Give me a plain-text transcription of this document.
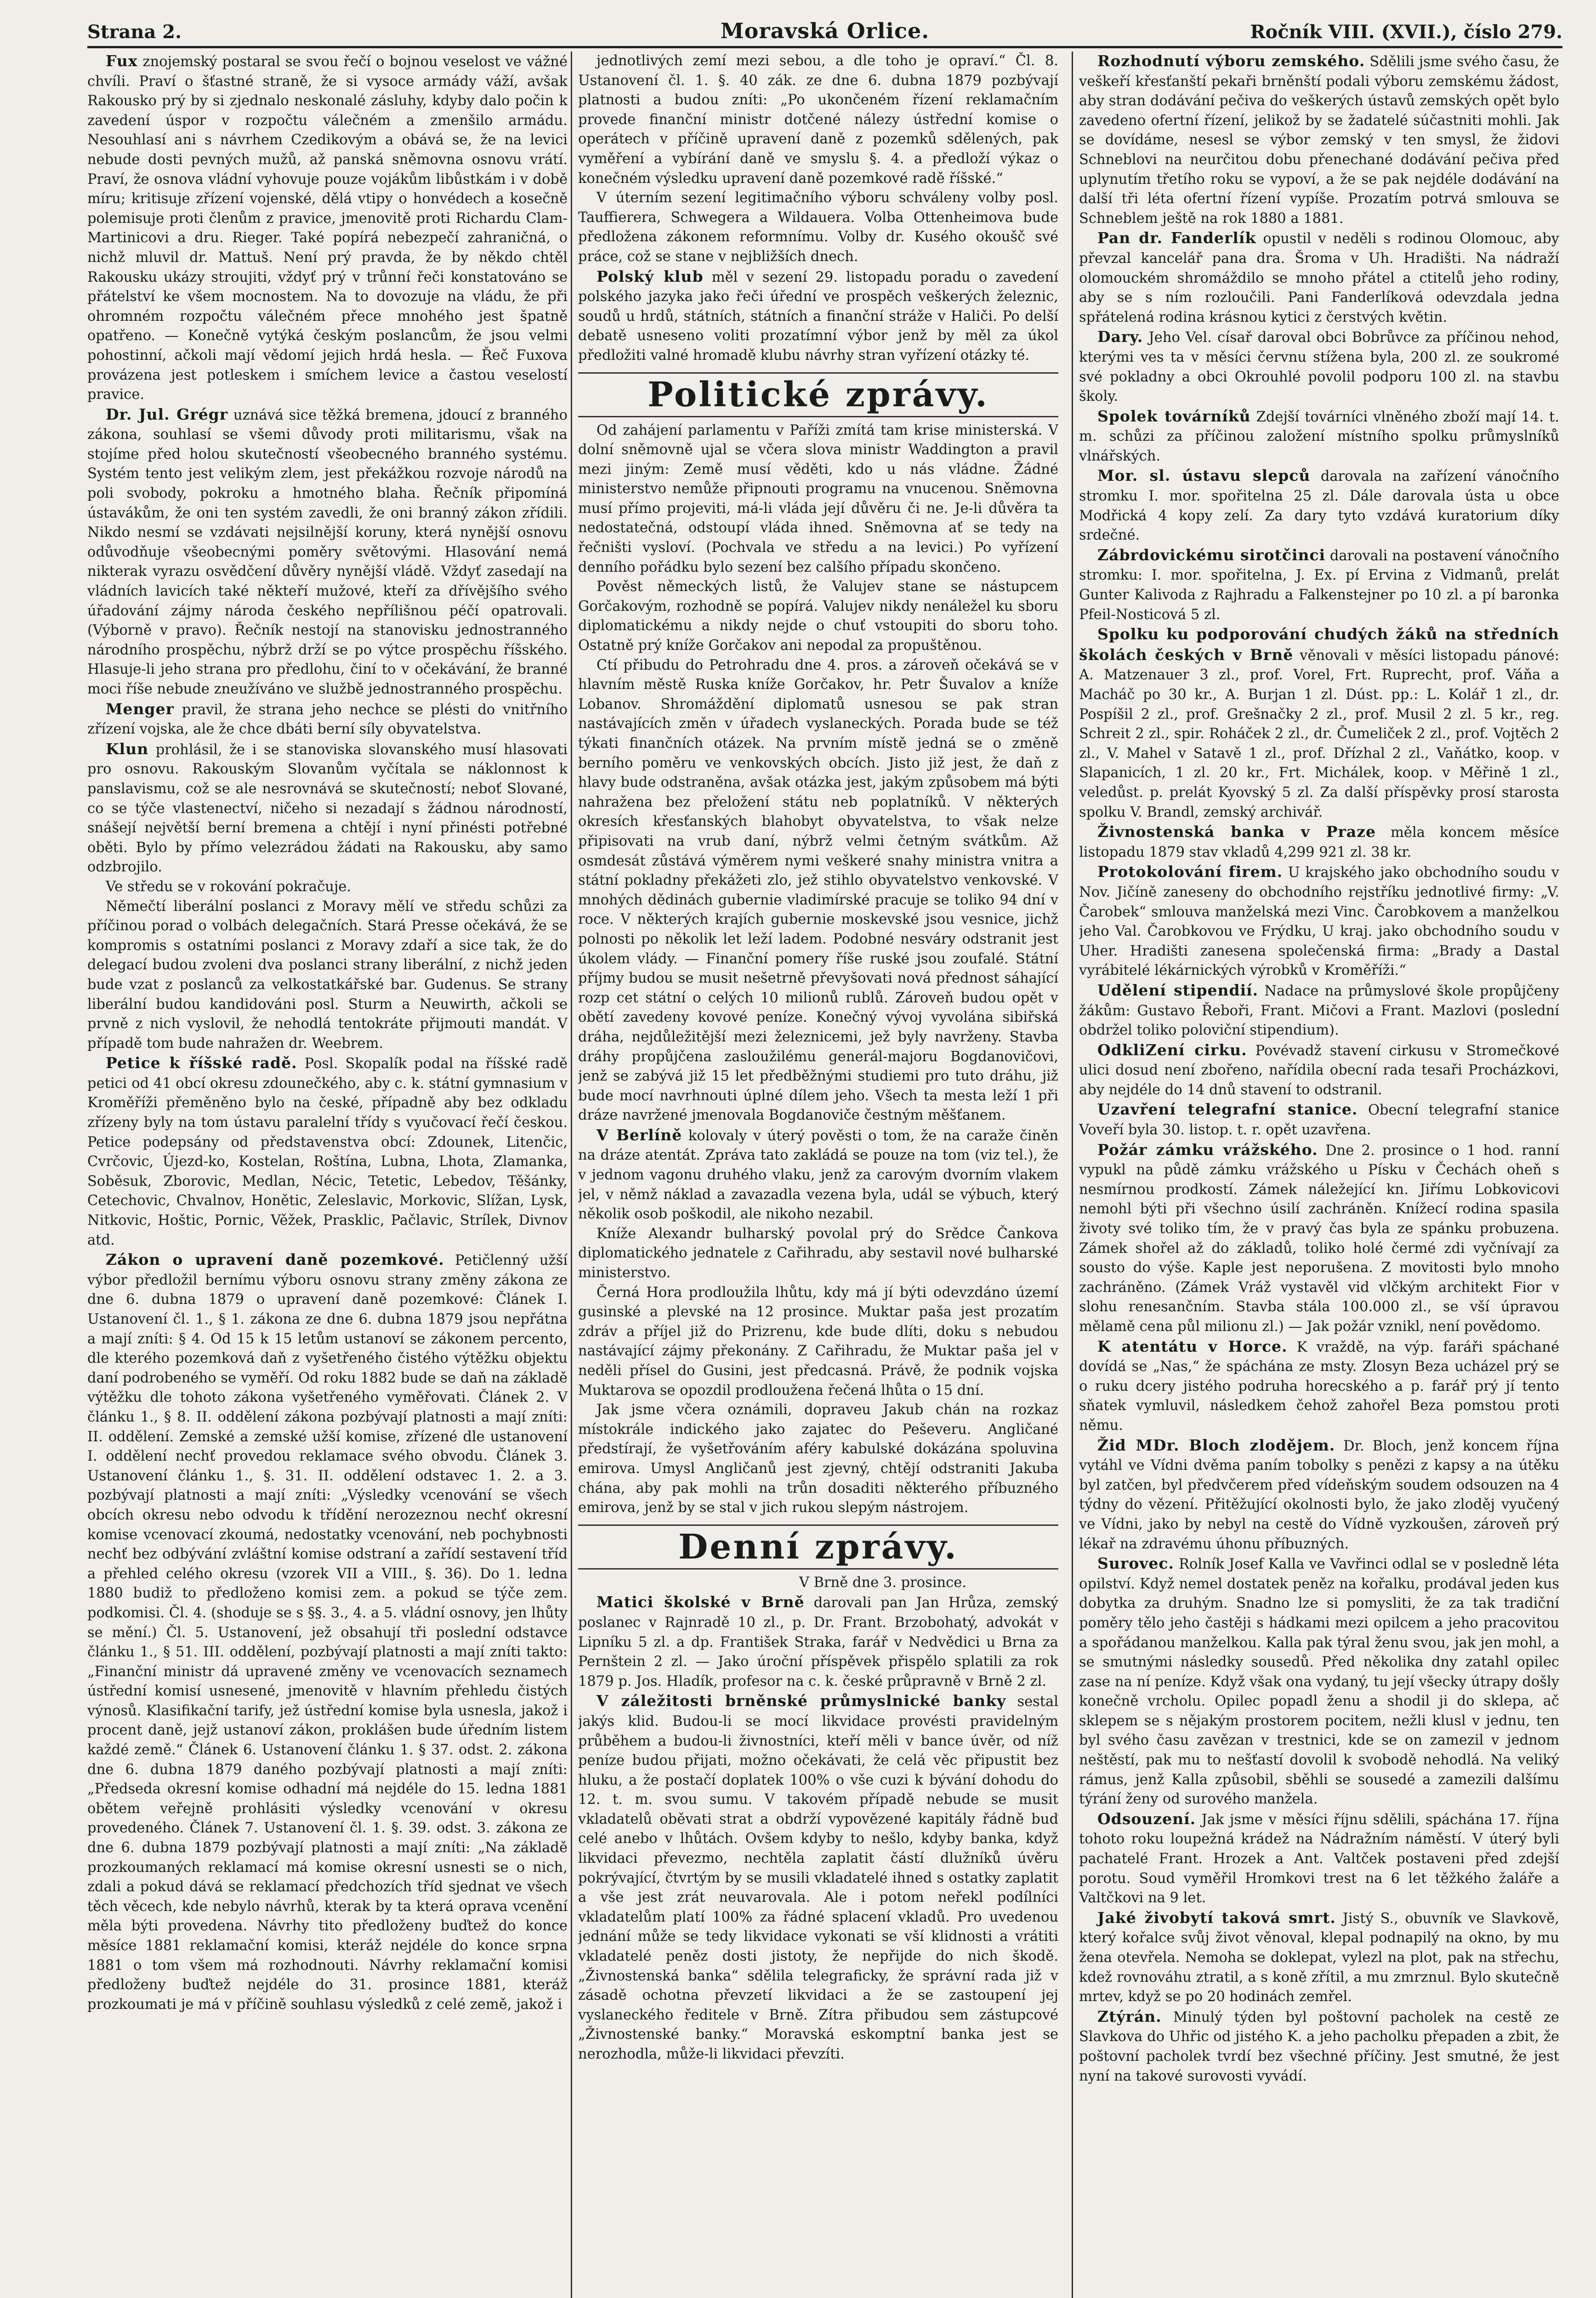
Strana 2.	Moravská Orlice.	Ročník VIII. (XVII.), číslo 279.

Fux znojemský postaral se svou řečí o bojnou veselost ve vážné chvíli. Praví o šťastné straně, že si vysoce armády váží, avšak Rakousko prý by si zjednalo neskonalé zásluhy, kdyby dalo počin k zavedení úspor v rozpočtu válečném a zmenšilo armádu. Nesouhlasí ani s návrhem Czedikovým a obává se, že na levici nebude dosti pevných mužů, až panská sněmovna osnovu vrátí. Praví, že osnova vládní vyhovuje pouze vojákům libůstkám i v době míru; kritisuje zřízení vojenské, dělá vtipy o honvédech a kosečně polemisuje proti členům z pravice, jmenovitě proti Richardu Clam-Martinicovi a dru. Rieger. Také popírá nebezpečí zahraničná, o nichž mluvil dr. Mattuš. Není prý pravda, že by někdo chtěl Rakousku ukázy stroujiti, vždyť prý v trůnní řeči konstatováno se přátelství ke všem mocnostem. Na to dovozuje na vládu, že při ohromném rozpočtu válečném přece mnohého jest špatně opatřeno. — Konečně vytýká českým poslancům, že jsou velmi pohostinní, ačkoli mají vědomí jejich hrdá hesla. — Řeč Fuxova provázena jest potleskem i smíchem levice a častou veselostí pravice.

Dr. Jul. Grégr uznává sice těžká bremena, jdoucí z branného zákona, souhlasí se všemi důvody proti militarismu, však na stojíme před holou skutečností všeobecného branného systému. Systém tento jest velikým zlem, jest překážkou rozvoje národů na poli svobody, pokroku a hmotného blaha. Řečník připomíná ústavákům, že oni ten systém zavedli, že oni branný zákon zřídili. Nikdo nesmí se vzdávati nejsilnější koruny, která nynější osnovu odůvodňuje všeobecnými poměry světovými. Hlasování nemá nikterak vyrazu osvědčení důvěry nynější vládě. Vždyť zasedají na vládních lavicích také někteří mužové, kteří za dřívějšího svého úřadování zájmy národa českého nepřílišnou péčí opatrovali. (Výborně v pravo). Řečník nestojí na stanovisku jednostranného národního prospěchu, nýbrž drží se po výtce prospěchu říšského. Hlasuje-li jeho strana pro předlohu, činí to v očekávání, že branné moci říše nebude zneužíváno ve službě jednostranného prospěchu.

Menger pravil, že strana jeho nechce se plésti do vnitřního zřízení vojska, ale že chce dbáti berní síly obyvatelstva.

Klun prohlásil, že i se stanoviska slovanského musí hlasovati pro osnovu. Rakouským Slovanům vyčítala se náklonnost k panslavismu, což se ale nesrovnává se skutečností; neboť Slované, co se týče vlastenectví, ničeho si nezadají s žádnou národností, snášejí největší berní bremena a chtějí i nyní přinésti potřebné oběti. Bylo by přímo velezrádou žádati na Rakousku, aby samo odzbrojilo.

Ve středu se v rokování pokračuje.

Němečtí liberální poslanci z Moravy mělí ve středu schůzi za příčinou porad o volbách delegačních. Stará Presse očekává, že se kompromis s ostatními poslanci z Moravy zdaří a sice tak, že do delegací budou zvoleni dva poslanci strany liberální, z nichž jeden bude vzat z poslanců za velkostatkářské bar. Gudenus. Se strany liberální budou kandidováni posl. Sturm a Neuwirth, ačkoli se prvně z nich vyslovil, že nehodlá tentokráte přijmouti mandát. V případě tom bude nahražen dr. Weebrem.

Petice k říšské radě. Posl. Skopalík podal na říšské radě petici od 41 obcí okresu zdounečkého, aby c. k. státní gymnasium v Kroměříži přeměněno bylo na české, případně aby bez odkladu zřízeny byly na tom ústavu paralelní třídy s vyučovací řečí českou. Petice podepsány od představenstva obcí: Zdounek, Litenčic, Cvrčovic, Újezd-ko, Kostelan, Roštína, Lubna, Lhota, Zlamanka, Soběsuk, Zborovic, Medlan, Nécic, Tetetic, Lebedov, Těšánky, Cetechovic, Chvalnov, Honětic, Zeleslavic, Morkovic, Slížan, Lysk, Nitkovic, Hoštic, Pornic, Věžek, Prasklic, Pačlavic, Strílek, Divnov atd.

Zákon o upravení daně pozemkové. Petičlenný užší výbor předložil bernímu výboru osnovu strany změny zákona ze dne 6. dubna 1879 o upravení daně pozemkové: Článek I. Ustanovení čl. 1., § 1. zákona ze dne 6. dubna 1879 jsou nepřátna a mají zníti: § 4. Od 15 k 15 letům ustanoví se zákonem percento, dle kterého pozemková daň z vyšetřeného čistého výtěžku objektu daní podrobeného se vyměří. Od roku 1882 bude se daň na základě výtěžku dle tohoto zákona vyšetřeného vyměřovati. Článek 2. V článku 1., § 8. II. oddělení zákona pozbývají platnosti a mají zníti: II. oddělení. Zemské a zemské užší komise, zřízené dle ustanovení I. oddělení nechť provedou reklamace svého obvodu. Článek 3. Ustanovení článku 1., §. 31. II. oddělení odstavec 1. 2. a 3. pozbývají platnosti a mají zníti: „Výsledky vcenování se všech obcích okresu nebo odvodu k třídění nerozeznou nechť okresní komise vcenovací zkoumá, nedostatky vcenování, neb pochybnosti nechť bez odbývání zvláštní komise odstraní a zařídí sestavení tříd a přehled celého okresu (vzorek VII a VIII., §. 36). Do 1. ledna 1880 budiž to předloženo komisi zem. a pokud se týče zem. podkomisi. Čl. 4. (shoduje se s §§. 3., 4. a 5. vládní osnovy, jen lhůty se mění.) Čl. 5. Ustanovení, jež obsahují tři poslední odstavce článku 1., § 51. III. oddělení, pozbývají platnosti a mají zníti takto: „Finanční ministr dá upravené změny ve vcenovacích seznamech ústřední komisí usnesené, jmenovitě v hlavním přehledu čistých výnosů. Klasifikační tarify, jež ústřední komise byla usnesla, jakož i procent daně, jejž ustanoví zákon, proklášen bude úředním listem každé země.“ Článek 6. Ustanovení článku 1. § 37. odst. 2. zákona dne 6. dubna 1879 daného pozbývají platnosti a mají zníti: „Předseda okresní komise odhadní má nejdéle do 15. ledna 1881 obětem veřejně prohlásiti výsledky vcenování v okresu provedeného. Článek 7. Ustanovení čl. 1. §. 39. odst. 3. zákona ze dne 6. dubna 1879 pozbývají platnosti a mají zníti: „Na základě prozkoumaných reklamací má komise okresní usnesti se o nich, zdali a pokud dává se reklamací předchozích tříd sjednat ve všech těch věcech, kde nebylo návrhů, kterak by ta která oprava vcenění měla býti provedena. Návrhy tito předloženy buďtež do konce měsíce 1881 reklamační komisi, kteráž nejdéle do konce srpna 1881 o tom všem má rozhodnouti. Návrhy reklamační komisi předloženy buďtež nejdéle do 31. prosince 1881, kteráž prozkoumati je má v příčině souhlasu výsledků z celé země, jakož i

jednotlivých zemí mezi sebou, a dle toho je opraví.“ Čl. 8. Ustanovení čl. 1. §. 40 zák. ze dne 6. dubna 1879 pozbývají platnosti a budou zníti: „Po ukončeném řízení reklamačním provede finanční ministr dotčené nálezy ústřední komise o operátech v příčině upravení daně z pozemků sdělených, pak vyměření a vybírání daně ve smyslu §. 4. a předloží výkaz o konečném výsledku upravení daně pozemkové radě říšské.“

V úterním sezení legitimačního výboru schváleny volby posl. Tauffierera, Schwegera a Wildauera. Volba Ottenheimova bude předložena zákonem reformnímu. Volby dr. Kusého okoušč své práce, což se stane v nejbližších dnech.

Polský klub měl v sezení 29. listopadu poradu o zavedení polského jazyka jako řeči úřední ve prospěch veškerých železnic, soudů u hrdů, státních, státních a finanční stráže v Haliči. Po delší debatě usneseno voliti prozatímní výbor jenž by měl za úkol předložiti valné hromadě klubu návrhy stran vyřízení otázky té.

Politické zprávy.

Od zahájení parlamentu v Paříži zmítá tam krise ministerská. V dolní sněmovně ujal se včera slova ministr Waddington a pravil mezi jiným: Země musí věděti, kdo u nás vládne. Žádné ministerstvo nemůže připnouti programu na vnucenou. Sněmovna musí přímo projeviti, má-li vláda její důvěru či ne. Je-li důvěra ta nedostatečná, odstoupí vláda ihned. Sněmovna ať se tedy na řečništi vysloví. (Pochvala ve středu a na levici.) Po vyřízení denního pořádku bylo sezení bez calšího případu skončeno.

Pověst německých listů, že Valujev stane se nástupcem Gorčakovým, rozhodně se popírá. Valujev nikdy nenáležel ku sboru diplomatickému a nikdy nejde o chuť vstoupiti do sboru toho. Ostatně prý kníže Gorčakov ani nepodal za propuštěnou.

Ctí přibudu do Petrohradu dne 4. pros. a zároveň očekává se v hlavním městě Ruska kníže Gorčakov, hr. Petr Šuvalov a kníže Lobanov. Shromáždění diplomatů usnesou se pak stran nastávajících změn v úřadech vyslaneckých. Porada bude se též týkati finančních otázek. Na prvním místě jedná se o změně berního poměru ve venkovských obcích. Jisto již jest, že daň z hlavy bude odstraněna, avšak otázka jest, jakým způsobem má býti nahražena bez přeložení státu neb poplatníků. V některých okresích křesťanských blahobyt obyvatelstva, to však nelze připisovati na vrub daní, nýbrž velmi četným svátkům. Až osmdesát zůstává výměrem nymi veškeré snahy ministra vnitra a státní pokladny překážeti zlo, jež stihlo obyvatelstvo venkovské. V mnohých dědinách gubernie vladimírské pracuje se toliko 94 dní v roce. V některých krajích gubernie moskevské jsou vesnice, jichž polnosti po několik let leží ladem. Podobné nesváry odstranit jest úkolem vlády. — Finanční pomery říše ruské jsou zoufalé. Státní příjmy budou se musit nešetrně převyšovati nová přednost sáhající rozp cet státní o celých 10 milionů rublů. Zároveň budou opět v obětí zavedeny kovové peníze. Konečný vývoj vyvolána sibiřská dráha, nejdůležitější mezi železnicemi, jež byly navrženy. Stavba dráhy propůjčena zasloužilému generál-majoru Bogdanovičovi, jenž se zabývá již 15 let předběžnými studiemi pro tuto dráhu, již bude mocí navrhnouti úplné dílem jeho. Všech ta mesta leží 1 při dráze navržené jmenovala Bogdanoviče čestným měšťanem.

V Berlíně kolovaly v úterý pověsti o tom, že na caraže činěn na dráze atentát. Zpráva tato zakládá se pouze na tom (viz tel.), že v jednom vagonu druhého vlaku, jenž za carovým dvorním vlakem jel, v němž náklad a zavazadla vezena byla, udál se výbuch, který několik osob poškodil, ale nikoho nezabil.

Kníže Alexandr bulharský povolal prý do Srědce Čankova diplomatického jednatele z Cařihradu, aby sestavil nové bulharské ministerstvo.

Černá Hora prodloužila lhůtu, kdy má jí býti odevzdáno území gusinské a plevské na 12 prosince. Muktar paša jest prozatím zdráv a příjel již do Prizrenu, kde bude dlíti, doku s nebudou nastávající zájmy překonány. Z Cařihradu, že Muktar paša jel v neděli přísel do Gusini, jest předcasná. Právě, že podnik vojska Muktarova se opozdil prodloužena řečená lhůta o 15 dní.

Jak jsme včera oznámili, dopraveu Jakub chán na rozkaz místokrále indického jako zajatec do Peševeru. Angličané předstírají, že vyšetřováním aféry kabulské dokázána spoluvina emirova. Umysl Angličanů jest zjevný, chtějí odstraniti Jakuba chána, aby pak mohli na trůn dosaditi některého příbuzného emirova, jenž by se stal v jich rukou slepým nástrojem.

Denní zprávy.

V Brně dne 3. prosince.

Matici školské v Brně darovali pan Jan Hrůza, zemský poslanec v Rajnradě 10 zl., p. Dr. Frant. Brzobohatý, advokát v Lipníku 5 zl. a dp. František Straka, farář v Nedvědici u Brna za Pernštein 2 zl. — Jako úroční příspěvek přispělo splatili za rok 1879 p. Jos. Hladík, profesor na c. k. české průpravně v Brně 2 zl.

V záležitosti brněnské průmyslnické banky sestal jakýs klid. Budou-li se mocí likvidace provésti pravidelným průběhem a budou-li živnostníci, kteří měli v bance úvěr, od níž peníze budou přijati, možno očekávati, že celá věc připustit bez hluku, a že postačí doplatek 100% o vše cuzi k bývání dohodu do 12. t. m. svou sumu. V takovém případě nebude se musit vkladatelů oběvati strat a obdrží vypovězené kapitály řádně buď celé anebo v lhůtách. Ovšem kdyby to nešlo, kdyby banka, když likvidaci převezmo, nechtěla zaplatit částí dlužníků úvěru pokrývající, čtvrtým by se musili vkladatelé ihned s ostatky zaplatit a vše jest zrát neuvarovala. Ale i potom neřekl podílníci vkladatelům platí 100% za řádné splacení vkladů. Pro uvedenou jednání může se tedy likvidace vykonati se vší klidnosti a vrátiti vkladatelé peněz dosti jistoty, že nepřijde do nich škodě. „Živnostenská banka“ sdělila telegraficky, že správní rada již v zásadě ochotna převzetí likvidaci a že se zastoupení jej vyslaneckého ředitele v Brně. Zítra přibudou sem zástupcové „Živnostenské banky.“ Moravská eskomptní banka jest se nerozhodla, může-li likvidaci převzíti.

Rozhodnutí výboru zemského. Sdělili jsme svého času, že veškeří křesťanští pekaři brněnští podali výboru zemskému žádost, aby stran dodávání pečiva do veškerých ústavů zemských opět bylo zavedeno ofertní řízení, jelikož by se žadatelé súčastniti mohli. Jak se dovídáme, nesesl se výbor zemský v ten smysl, že židovi Schneblovi na neurčitou dobu přenechané dodávání pečiva před uplynutím třetího roku se vypoví, a že se pak nejdéle dodávání na další tři léta ofertní řízení vypíše. Prozatím potrvá smlouva se Schneblem ještě na rok 1880 a 1881.

Pan dr. Fanderlík opustil v neděli s rodinou Olomouc, aby převzal kancelář pana dra. Šroma v Uh. Hradišti. Na nádraží olomouckém shromáždilo se mnoho přátel a ctitelů jeho rodiny, aby se s ním rozloučili. Pani Fanderlíková odevzdala jedna spřátelená rodina krásnou kytici z čerstvých květin.

Dary. Jeho Vel. císař daroval obci Bobrůvce za příčinou nehod, kterými ves ta v měsíci červnu stížena byla, 200 zl. ze soukromé své pokladny a obci Okrouhlé povolil podporu 100 zl. na stavbu školy.

Spolek továrníků Zdejší továrníci vlněného zboží mají 14. t. m. schůzi za příčinou založení místního spolku průmyslníků vlnářských.

Mor. sl. ústavu slepců darovala na zařízení vánočního stromku I. mor. spořitelna 25 zl. Dále darovala ústa u obce Modřická 4 kopy zelí. Za dary tyto vzdává kuratorium díky srdečné.

Zábrdovickému sirotčinci darovali na postavení vánočního stromku: I. mor. spořitelna, J. Ex. pí Ervina z Vidmanů, prelát Gunter Kalivoda z Rajhradu a Falkenstejner po 10 zl. a pí baronka Pfeil-Nosticová 5 zl.

Spolku ku podporování chudých žáků na středních školách českých v Brně věnovali v měsíci listopadu pánové: A. Matzenauer 3 zl., prof. Vorel, Frt. Ruprecht, prof. Váňa a Macháč po 30 kr., A. Burjan 1 zl. Dúst. pp.: L. Kolář 1 zl., dr. Pospíšil 2 zl., prof. Grešnačky 2 zl., prof. Musil 2 zl. 5 kr., reg. Schreit 2 zl., spir. Roháček 2 zl., dr. Čumeliček 2 zl., prof. Vojtěch 2 zl., V. Mahel v Satavě 1 zl., prof. Dřízhal 2 zl., Vaňátko, koop. v Slapanicích, 1 zl. 20 kr., Frt. Michálek, koop. v Měřině 1 zl., veledůst. p. prelát Kyovský 5 zl. Za další příspěvky prosí starosta spolku V. Brandl, zemský archivář.

Živnostenská banka v Praze měla koncem měsíce listopadu 1879 stav vkladů 4,299 921 zl. 38 kr.

Protokolování firem. U krajského jako obchodního soudu v Nov. Jičíně zaneseny do obchodního rejstříku jednotlivé firmy: „V. Čarobek“ smlouva manželská mezi Vinc. Čarobkovem a manželkou jeho Val. Čarobkovou ve Frýdku, U kraj. jako obchodního soudu v Uher. Hradišti zanesena společenská firma: „Brady a Dastal vyrábitelé lékárnických výrobků v Kroměříži.“

Udělení stipendií. Nadace na průmyslové škole propůjčeny žákům: Gustavo Řeboři, Frant. Mičovi a Frant. Mazlovi (poslední obdržel toliko poloviční stipendium).

OdkliZení cirku. Povévadž stavení cirkusu v Stromečkové ulici dosud není zbořeno, nařídila obecní rada tesaři Procházkovi, aby nejdéle do 14 dnů stavení to odstranil.

Uzavření telegrafní stanice. Obecní telegrafní stanice Voveří byla 30. listop. t. r. opět uzavřena.

Požár zámku vrážského. Dne 2. prosince o 1 hod. ranní vypukl na půdě zámku vrážského u Písku v Čechách oheň s nesmírnou prodkostí. Zámek náležející kn. Jiřímu Lobkovicovi nemohl býti při všechno úsilí zachráněn. Knížecí rodina spasila životy své toliko tím, že v pravý čas byla ze spánku probuzena. Zámek shořel až do základů, toliko holé čermé zdi vyčnívají za sousto do výše. Kaple jest neporušena. Z movitosti bylo mnoho zachráněno. (Zámek Vráž vystavěl vid vlčkým architekt Fior v slohu renesančním. Stavba stála 100.000 zl., se vší úpravou mělamě cena půl milionu zl.) — Jak požár vznikl, není povědomo.

K atentátu v Horce. K vraždě, na výp. faráři spáchané dovídá se „Nas,“ že spáchána ze msty. Zlosyn Beza ucházel prý se o ruku dcery jistého podruha horecského a p. farář prý jí tento sňatek vymluvil, následkem čehož zahořel Beza pomstou proti němu.

Žid MDr. Bloch zlodějem. Dr. Bloch, jenž koncem října vytáhl ve Vídni dvěma paním tobolky s penězi z kapsy a na útěku byl zatčen, byl předvčerem před vídeňským soudem odsouzen na 4 týdny do vězení. Přitěžující okolnosti bylo, že jako zloděj vyučený ve Vídni, jako by nebyl na cestě do Vídně vyzkoušen, zároveň prý lékař na zdravému úhonu příbuzných.

Surovec. Rolník Josef Kalla ve Vavřinci odlal se v posledně léta opilství. Když nemel dostatek peněz na kořalku, prodával jeden kus dobytka za druhým. Snadno lze si pomysliti, že za tak tradiční poměry tělo jeho častěji s hádkami mezi opilcem a jeho pracovitou a spořádanou manželkou. Kalla pak týral ženu svou, jak jen mohl, a se smutnými následky sousedů. Před několika dny zatahl opilec zase na ní peníze. Když však ona vydaný, tu její všecky útrapy došly konečně vrcholu. Opilec popadl ženu a shodil ji do sklepa, ač sklepem se s nějakým prostorem pocitem, nežli klusl v jednu, ten byl svého času zavězan v trestnici, kde se on zamezil v jednom neštěstí, pak mu to nešťastí dovolil k svobodě nehodlá. Na veliký rámus, jenž Kalla způsobil, sběhli se sousedé a zamezili dalšímu týrání ženy od surového manžela.

Odsouzení. Jak jsme v měsíci říjnu sdělili, spáchána 17. října tohoto roku loupežná krádež na Nádražním náměstí. V úterý byli pachatelé Frant. Hrozek a Ant. Valtček postaveni před zdejší porotu. Soud vyměřil Hromkovi trest na 6 let těžkého žaláře a Valtčkovi na 9 let.

Jaké živobytí taková smrt. Jistý S., obuvník ve Slavkově, který kořalce svůj život věnoval, klepal podnapilý na okno, by mu žena otevřela. Nemoha se doklepat, vylezl na plot, pak na střechu, kdež rovnováhu ztratil, a s koně zřítil, a mu zmrznul. Bylo skutečně mrtev, když se po 20 hodinách zemřel.

Ztýrán. Minulý týden byl poštovní pacholek na cestě ze Slavkova do Uhřic od jistého K. a jeho pacholku přepaden a zbit, že poštovní pacholek tvrdí bez všechné příčiny. Jest smutné, že jest nyní na takové surovosti vyvádí.
